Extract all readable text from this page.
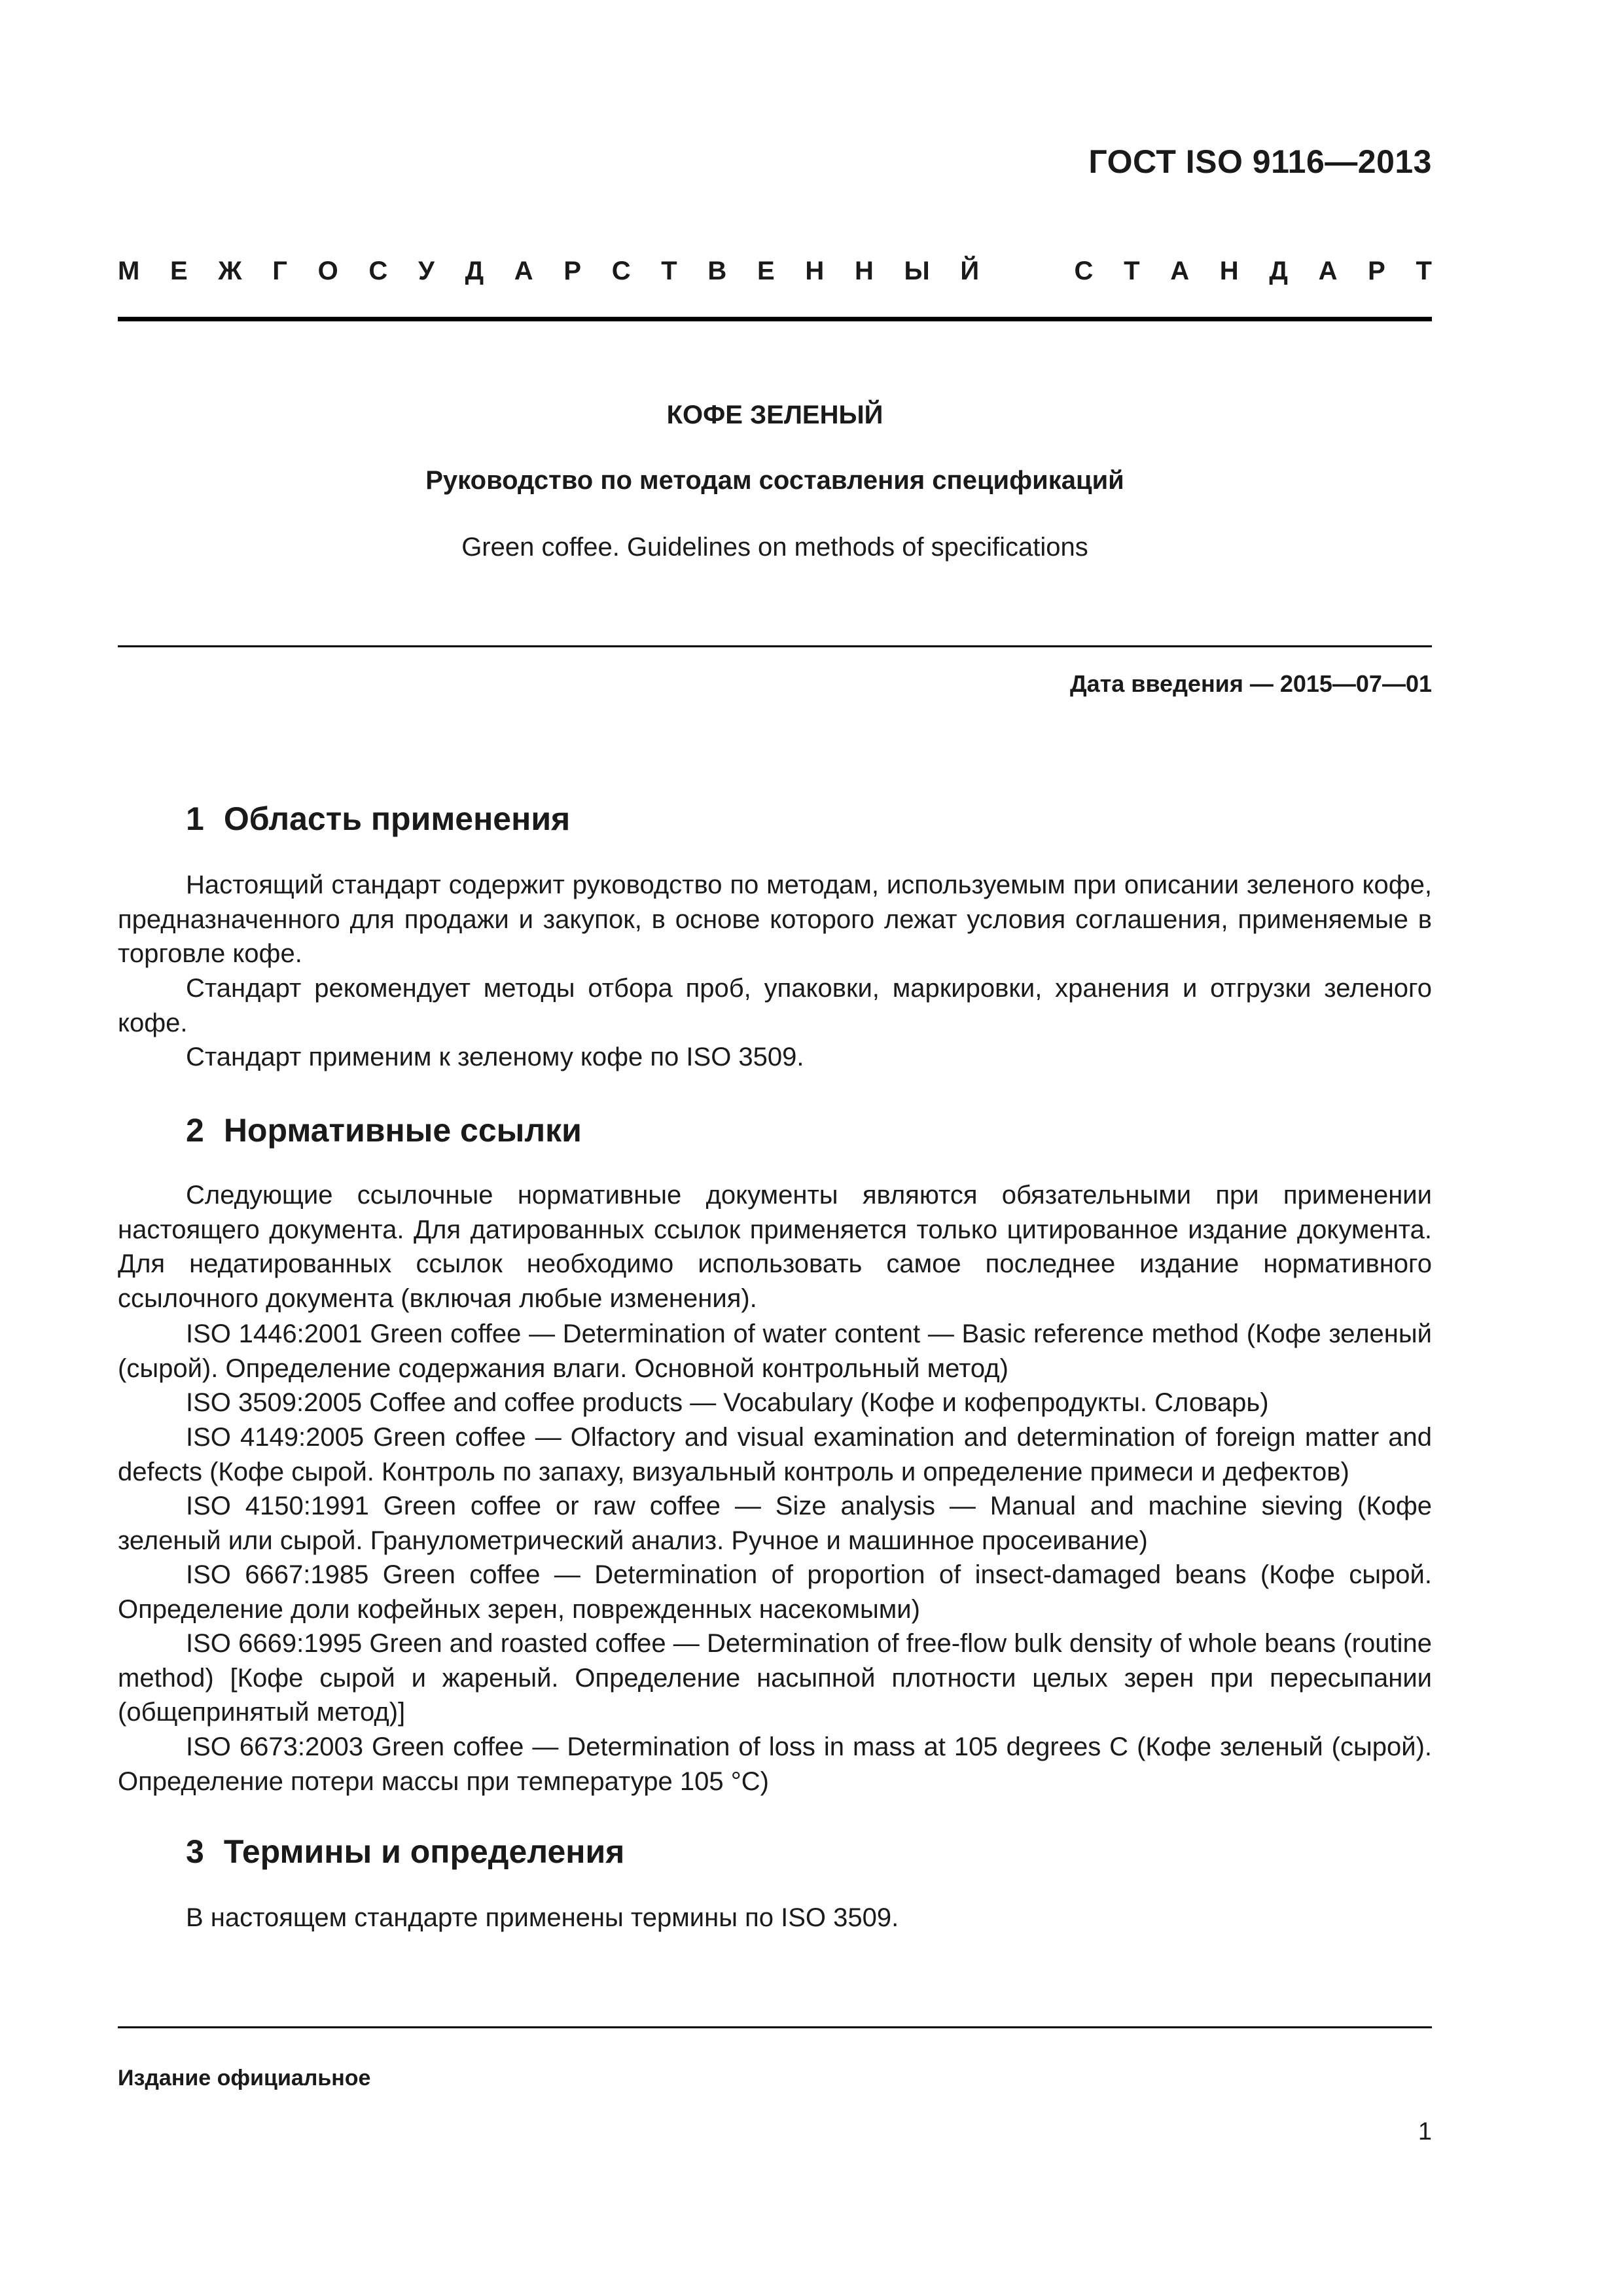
ГОСТ ISO 9116—2013
М Е Ж Г О С У Д А Р С Т В Е Н Н Ы Й	С Т А Н Д А Р Т
КОФЕ ЗЕЛЕНЫЙ
Руководство по методам составления спецификаций
Green coffee. Guidelines on methods of specifications
Дата введения — 2015—07—01
1 Область применения
Настоящий стандарт содержит руководство по методам, используемым при описании зеленого кофе, предназначенного для продажи и закупок, в основе которого лежат условия соглашения, применяемые в торговле кофе.
Стандарт рекомендует методы отбора проб, упаковки, маркировки, хранения и отгрузки зеленого кофе.
Стандарт применим к зеленому кофе по ISO 3509.
2 Нормативные ссылки
Следующие ссылочные нормативные документы являются обязательными при применении настоящего документа. Для датированных ссылок применяется только цитированное издание документа. Для недатированных ссылок необходимо использовать самое последнее издание нормативного ссылочного документа (включая любые изменения).
ISO 1446:2001 Green coffee — Determination of water content — Basic reference method (Кофе зеленый (сырой). Определение содержания влаги. Основной контрольный метод)
ISO 3509:2005 Coffee and coffee products — Vocabulary (Кофе и кофепродукты. Словарь)
ISO 4149:2005 Green coffee — Olfactory and visual examination and determination of foreign matter and defects (Кофе сырой. Контроль по запаху, визуальный контроль и определение примеси и дефектов)
ISO 4150:1991 Green coffee or raw coffee — Size analysis — Manual and machine sieving (Кофе зеленый или сырой. Гранулометрический анализ. Ручное и машинное просеивание)
ISO 6667:1985 Green coffee — Determination of proportion of insect-damaged beans (Кофе сырой. Определение доли кофейных зерен, поврежденных насекомыми)
ISO 6669:1995 Green and roasted coffee — Determination of free-flow bulk density of whole beans (routine method) [Кофе сырой и жареный. Определение насыпной плотности целых зерен при пересыпании (общепринятый метод)]
ISO 6673:2003 Green coffee — Determination of loss in mass at 105 degrees C (Кофе зеленый (сырой). Определение потери массы при температуре 105 °С)
3 Термины и определения
В настоящем стандарте применены термины по ISO 3509.
Издание официальное
1
